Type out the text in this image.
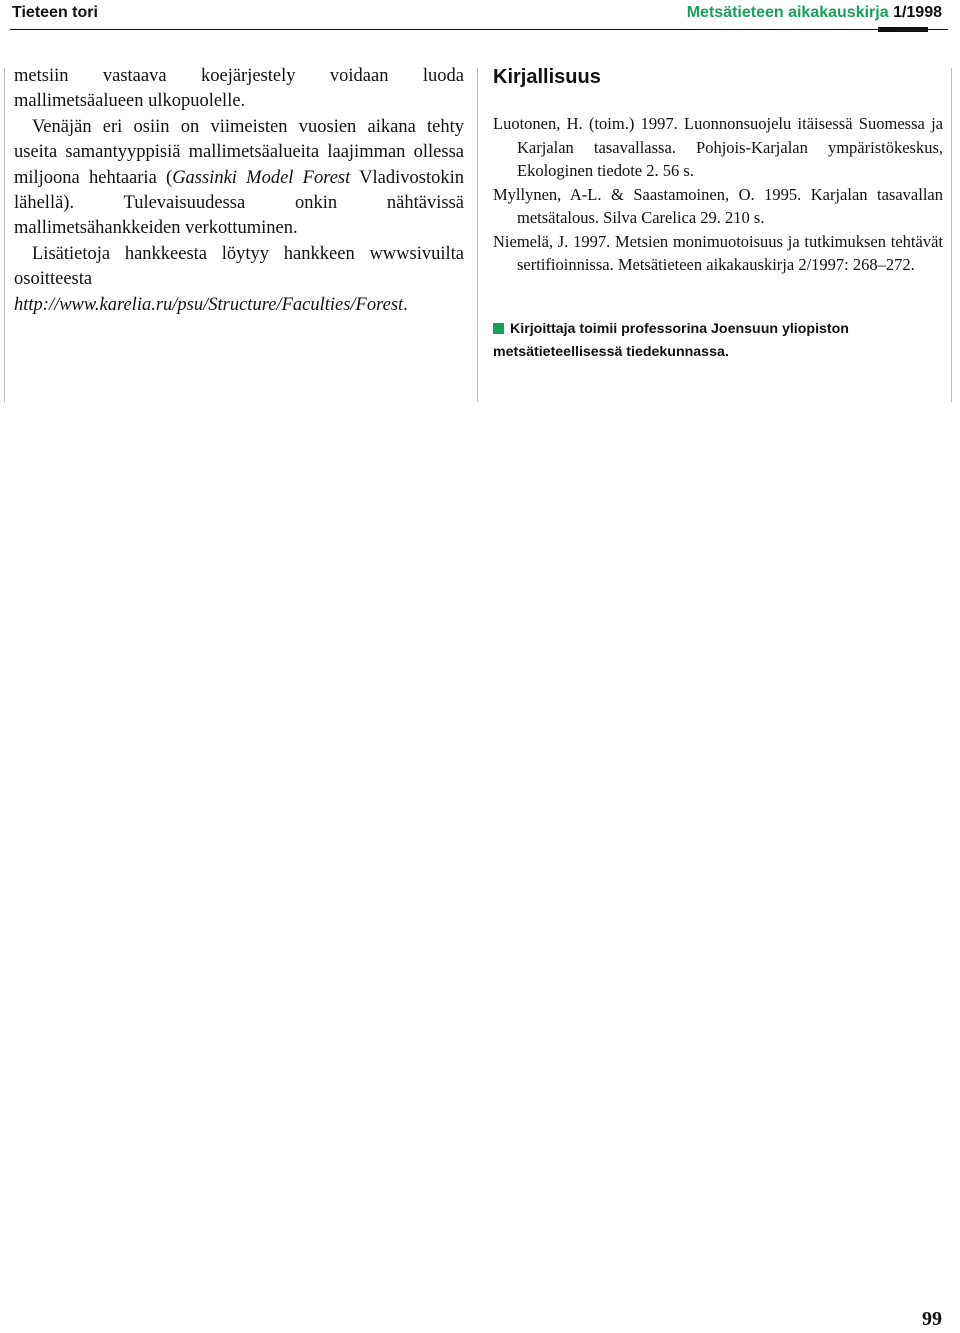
Tieteen tori	Metsätieteen aikakauskirja 1/1998

metsiin vastaava koejärjestely voidaan luoda mallimetsäalueen ulkopuolelle.

Venäjän eri osiin on viimeisten vuosien aikana tehty useita samantyyppisiä mallimetsäalueita laajimman ollessa miljoona hehtaaria (Gassinki Model Forest Vladivostokin lähellä). Tulevaisuudessa onkin nähtävissä mallimetsähankkeiden verkottuminen.

Lisätietoja hankkeesta löytyy hankkeen wwwsivuilta osoitteesta http://www.karelia.ru/psu/Structure/Faculties/Forest.

Kirjallisuus

Luotonen, H. (toim.) 1997. Luonnonsuojelu itäisessä Suomessa ja Karjalan tasavallassa. Pohjois-Karjalan ympäristökeskus, Ekologinen tiedote 2. 56 s.

Myllynen, A-L. & Saastamoinen, O. 1995. Karjalan tasavallan metsätalous. Silva Carelica 29. 210 s.

Niemelä, J. 1997. Metsien monimuotoisuus ja tutkimuksen tehtävät sertifioinnissa. Metsätieteen aikakauskirja 2/1997: 268–272.

Kirjoittaja toimii professorina Joensuun yliopiston metsätieteellisessä tiedekunnassa.
99
